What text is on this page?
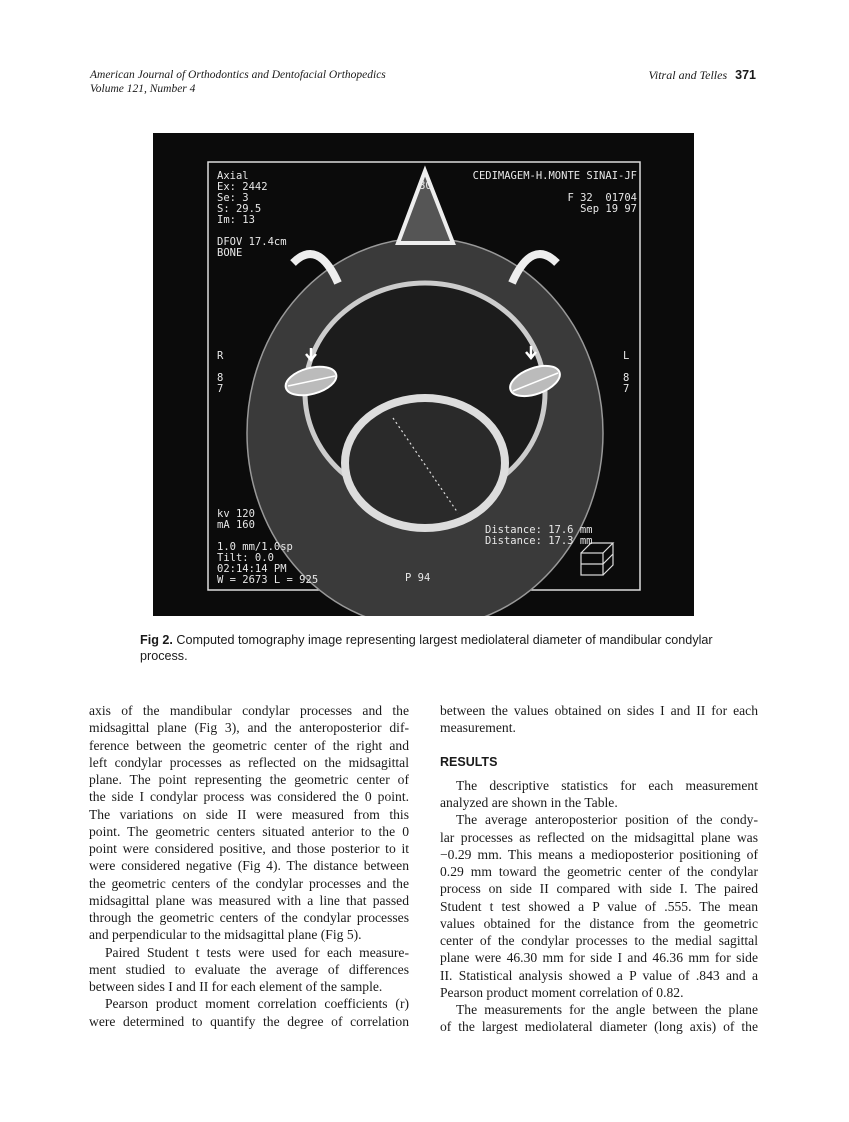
American Journal of Orthodontics and Dentofacial Orthopedics
Volume 121, Number 4
Vitral and Telles 371
Axial
Ex: 2442
Se: 3
S: 29.5
Im: 13

DFOV 17.4cm
BONE
80
CEDIMAGEM-H.MONTE SINAI-JF

F 32  01704
Sep 19 97
R

8
7
L

8
7
kv 120
mA 160

1.0 mm/1.0sp
Tilt: 0.0
02:14:14 PM
W = 2673 L = 925
Distance: 17.6 mm
Distance: 17.3 mm
P 94
Fig 2. Computed tomography image representing largest mediolateral diameter of mandibular condylar process.
axis of the mandibular condylar processes and the
midsagittal plane (Fig 3), and the anteroposterior dif-
ference between the geometric center of the right and
left condylar processes as reflected on the midsagittal
plane. The point representing the geometric center of
the side I condylar process was considered the 0 point.
The variations on side II were measured from this
point. The geometric centers situated anterior to the 0
point were considered positive, and those posterior to it
were considered negative (Fig 4). The distance between
the geometric centers of the condylar processes and the
midsagittal plane was measured with a line that passed
through the geometric centers of the condylar processes
and perpendicular to the midsagittal plane (Fig 5).
Paired Student t tests were used for each measure-
ment studied to evaluate the average of differences
between sides I and II for each element of the sample.
Pearson product moment correlation coefficients (r)
were determined to quantify the degree of correlation
between the values obtained on sides I and II for each
measurement.
RESULTS
The descriptive statistics for each measurement
analyzed are shown in the Table.
The average anteroposterior position of the condy-
lar processes as reflected on the midsagittal plane was
−0.29 mm. This means a medioposterior positioning of
0.29 mm toward the geometric center of the condylar
process on side II compared with side I. The paired
Student t test showed a P value of .555. The mean
values obtained for the distance from the geometric
center of the condylar processes to the medial sagittal
plane were 46.30 mm for side I and 46.36 mm for side
II. Statistical analysis showed a P value of .843 and a
Pearson product moment correlation of 0.82.
The measurements for the angle between the plane
of the largest mediolateral diameter (long axis) of the
